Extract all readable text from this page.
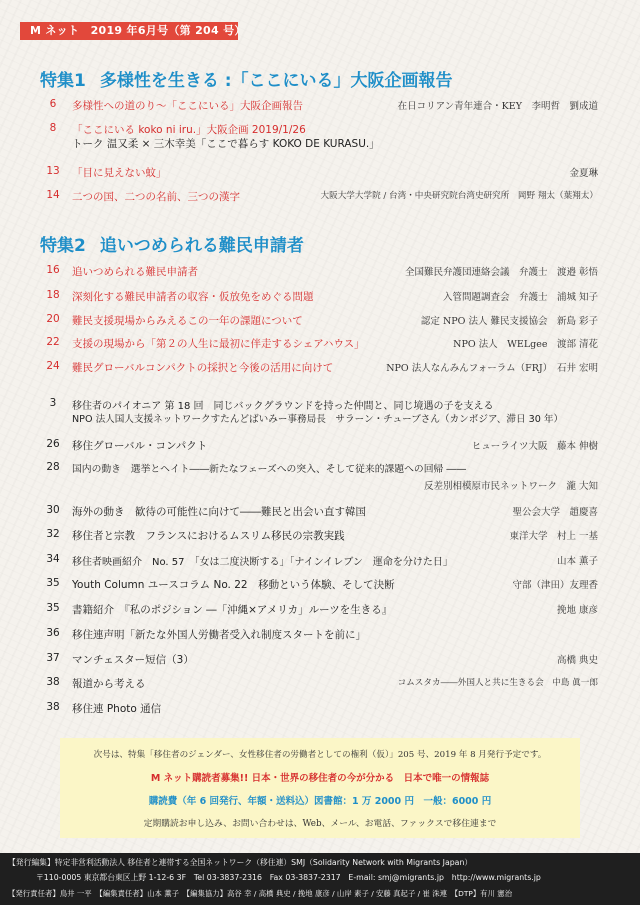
M ネット　2019 年6月号（第 204 号）
特集1 多様性を生きる :「ここにいる」大阪企画報告
6	多様性への道のり～「ここにいる」大阪企画報告	在日コリアン青年連合・KEY　李明哲　劉成道
8	「ここにいる koko ni iru.」大阪企画 2019/1/26
トーク 温又柔 × 三木幸美「ここで暮らす KOKO DE KURASU.」
13	「目に見えない蚊」	金夏琳
14	二つの国、二つの名前、三つの漢字	大阪大学大学院 / 台湾・中央研究院台湾史研究所　岡野 翔太（葉翔太）
特集2 追いつめられる難民申請者
16	追いつめられる難民申請者	全国難民弁護団連絡会議　弁護士　渡邉 彰悟
18	深刻化する難民申請者の収容・仮放免をめぐる問題	入管問題調査会　弁護士　浦城 知子
20	難民支援現場からみえるこの一年の課題について	認定 NPO 法人 難民支援協会　新島 彩子
22	支援の現場から「第２の人生に最初に伴走するシェアハウス」	NPO 法人　WELgee　渡部 清花
24	難民グローバルコンパクトの採択と今後の活用に向けて	NPO 法人なんみんフォーラム（FRJ）　石井 宏明
3	移住者のパイオニア 第 18 回　同じバックグラウンドを持った仲間と、同じ境遇の子を支える
NPO 法人国人支援ネットワークすたんどばいみー事務局長　サラーン・チューブさん（カンボジア、滞日 30 年）
26	移住グローバル・コンパクト	ヒューライツ大阪　藤本 伸樹
28	国内の動き　選挙とヘイト――新たなフェーズへの突入、そして従来的課題への回帰 ――
反差別相模原市民ネットワーク　瀧 大知
30	海外の動き　歓待の可能性に向けて――難民と出会い直す韓国	聖公会大学　趙慶喜
32	移住者と宗教　フランスにおけるムスリム移民の宗教実践	東洋大学　村上 一基
34	移住者映画紹介　No. 57　「女は二度決断する」「ナインイレブン　運命を分けた日」	山本 薫子
35	Youth Column ユースコラム No. 22　移動という体験、そして決断	守部（津田）友理香
35	書籍紹介　『私のポジション ―「沖縄×アメリカ」ルーツを生きる』	挽地 康彦
36	移住連声明「新たな外国人労働者受入れ制度スタートを前に」
37	マンチェスター短信（3）	高橋 典史
38	報道から考える	コムスタカ――外国人と共に生きる会　中島 眞一郎
38	移住連 Photo 通信
次号は、特集「移住者のジェンダー、女性移住者の労働者としての権利（仮）」205 号、2019 年 8 月発行予定です。
M ネット購読者募集!! 日本・世界の移住者の今が分かる　日本で唯一の情報誌
購読費（年 6 回発行、年額・送料込）図書館：1 万 2000 円　一般：6000 円
定期購読お申し込み、お問い合わせは、Web、メール、お電話、ファックスで移住連まで
【発行編集】特定非営利活動法人 移住者と連帯する全国ネットワーク（移住連）SMJ（Solidarity Network with Migrants Japan）
〒110-0005 東京都台東区上野 1-12-6 3F　Tel 03-3837-2316　Fax 03-3837-2317　E-mail: smj@migrants.jp　http://www.migrants.jp
【発行責任者】鳥井 一平　【編集責任者】山本 薫子　【編集協力】高谷 幸 / 高橋 典史 / 挽地 康彦 / 山岸 素子 / 安藤 真起子 / 崔 洙連　【DTP】有川 憲治
